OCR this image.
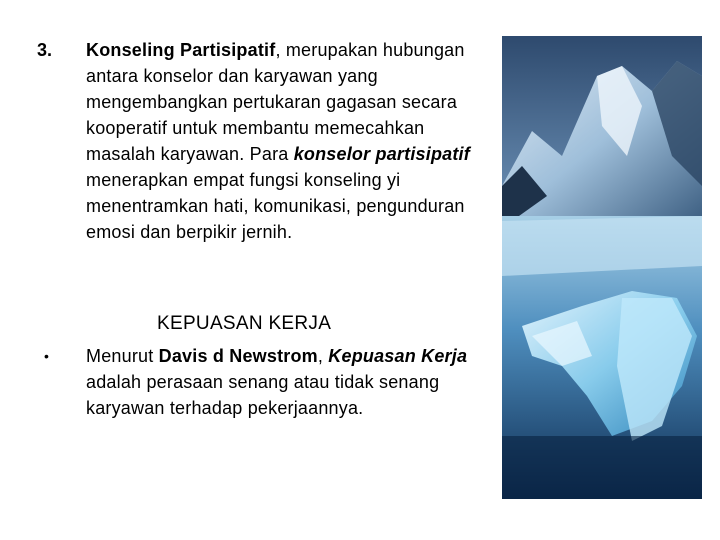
3. Konseling Partisipatif, merupakan hubungan antara konselor dan karyawan yang mengembangkan pertukaran gagasan secara kooperatif untuk membantu memecahkan masalah karyawan. Para konselor partisipatif menerapkan empat fungsi konseling yi menentramkan hati, komunikasi, pengunduran emosi dan berpikir jernih.
KEPUASAN KERJA
• Menurut Davis d Newstrom, Kepuasan Kerja adalah perasaan senang atau tidak senang karyawan terhadap pekerjaannya.
